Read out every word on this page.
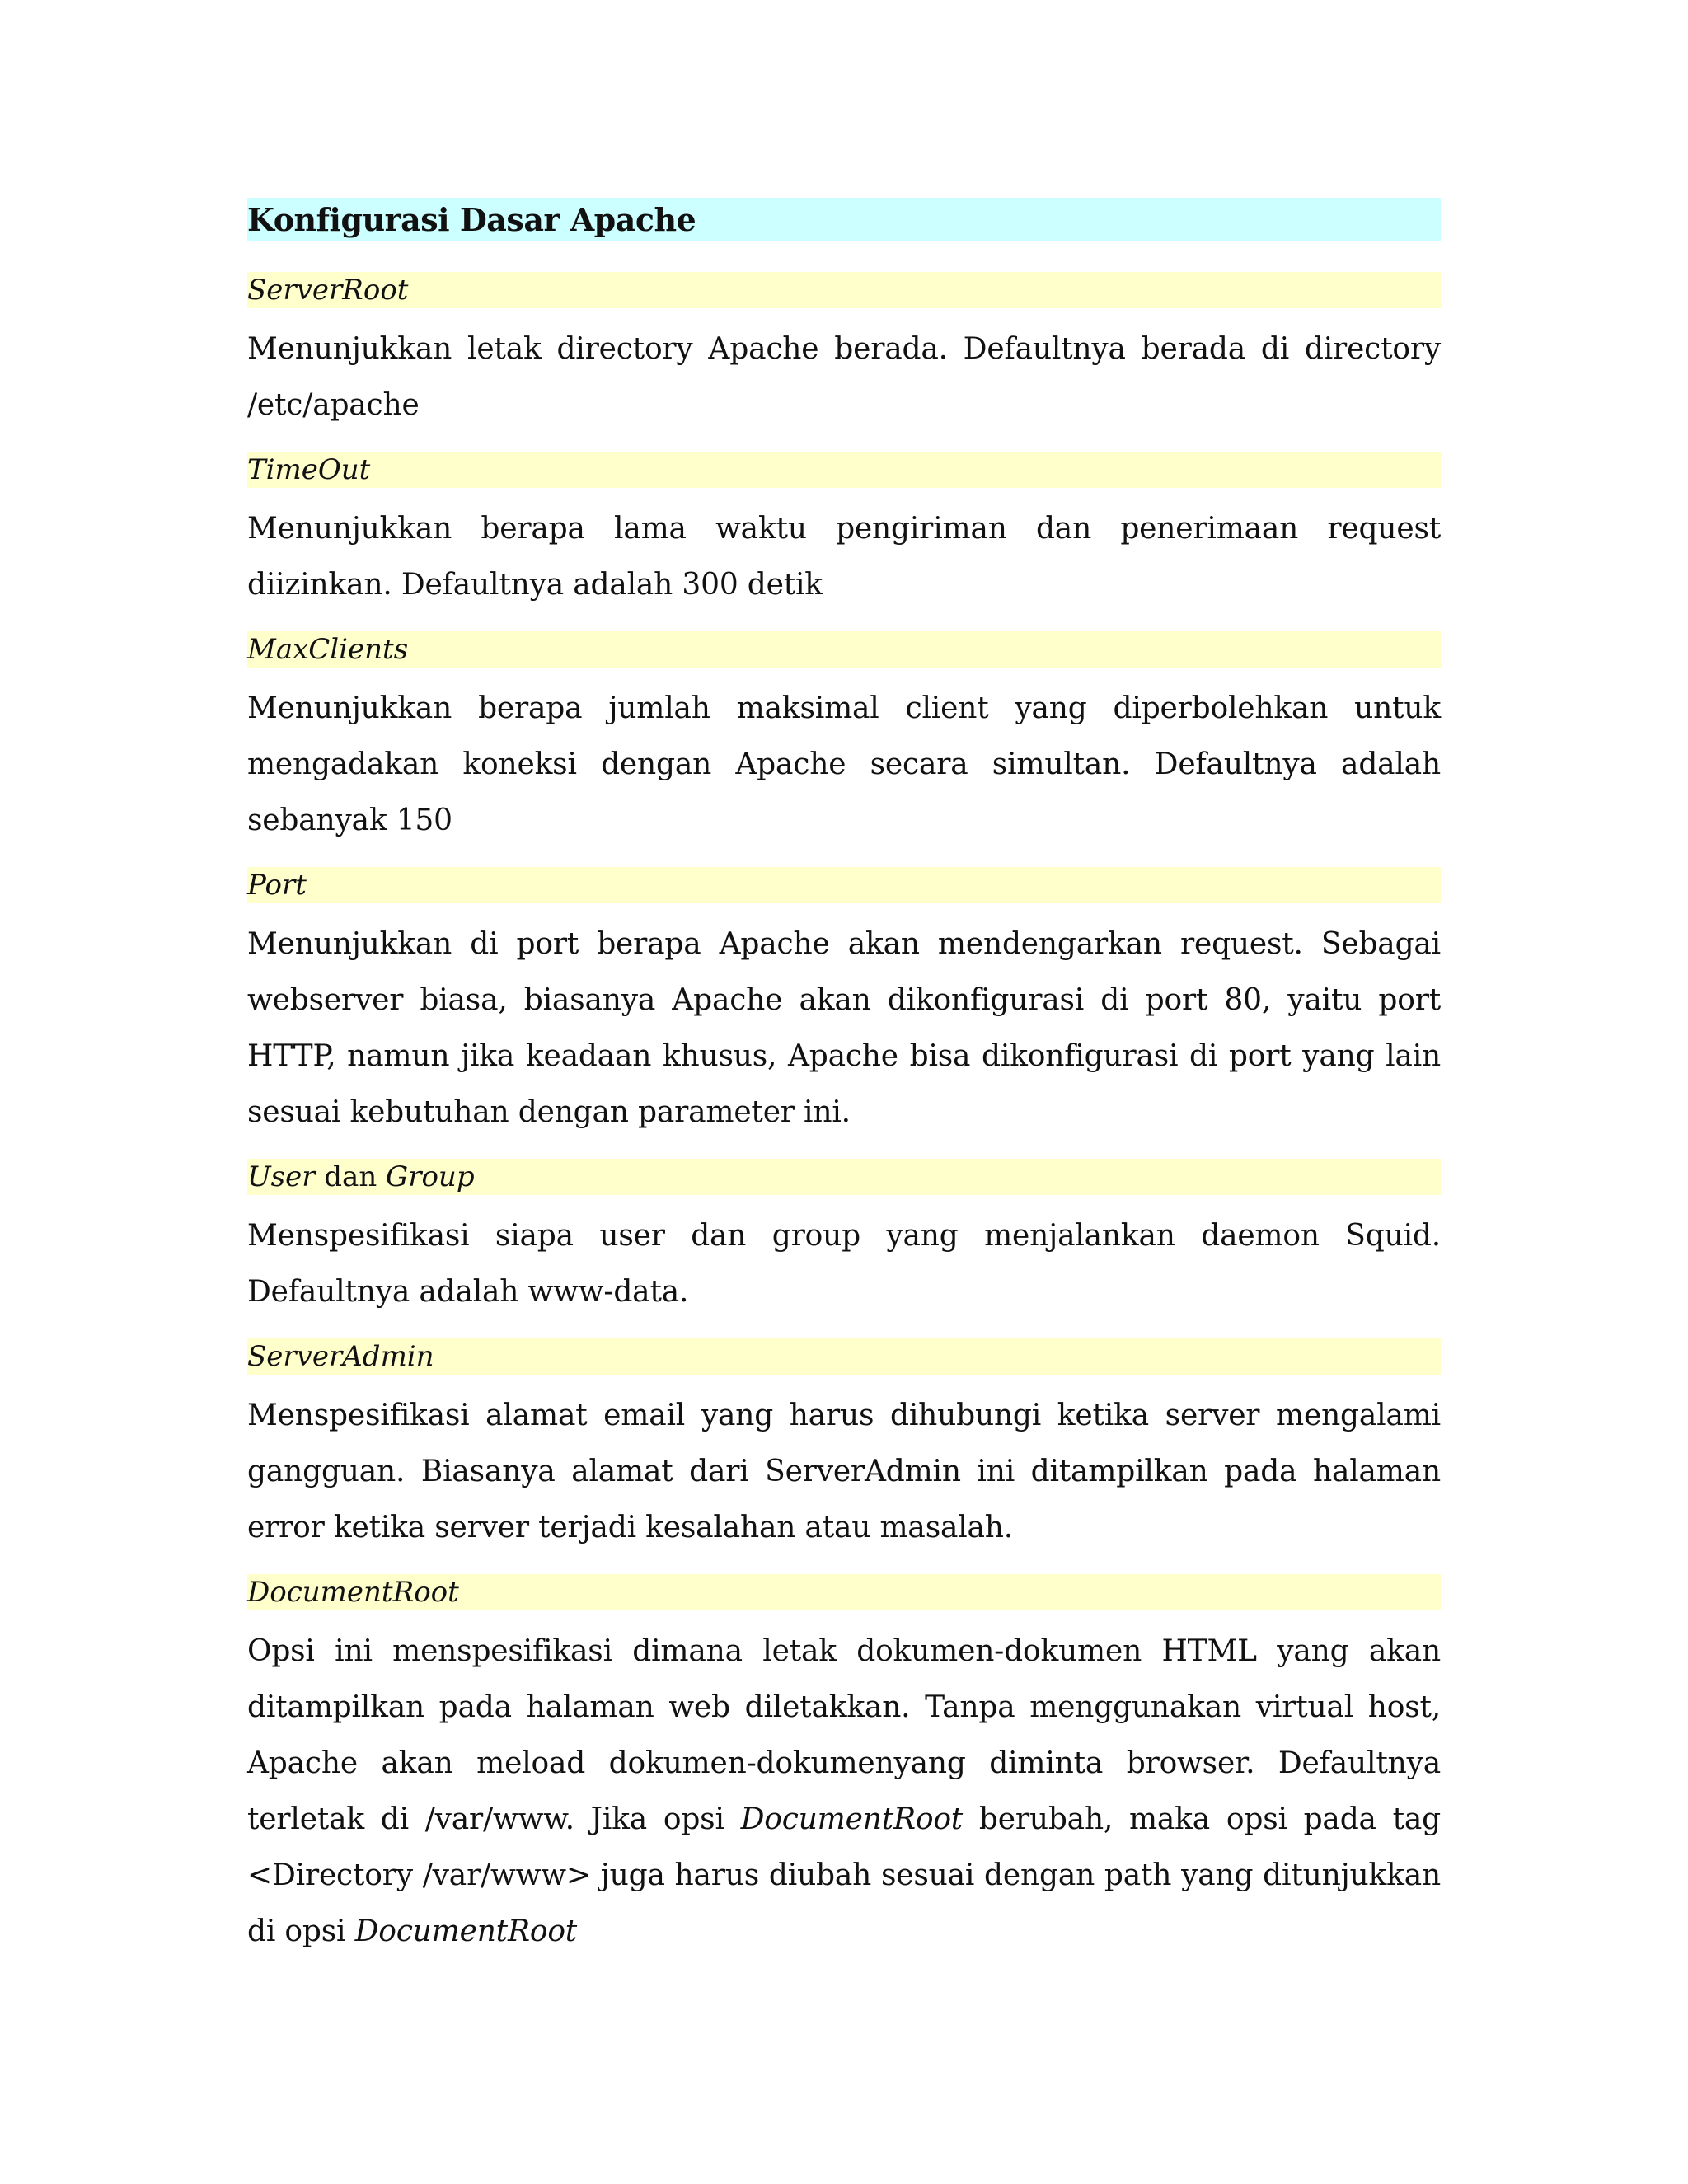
Konfigurasi Dasar Apache
ServerRoot

Menunjukkan letak directory Apache berada. Defaultnya berada di directory /etc/apache

TimeOut

Menunjukkan berapa lama waktu pengiriman dan penerimaan request diizinkan. Defaultnya adalah 300 detik

MaxClients

Menunjukkan berapa jumlah maksimal client yang diperbolehkan untuk mengadakan koneksi dengan Apache secara simultan. Defaultnya adalah sebanyak 150

Port

Menunjukkan di port berapa Apache akan mendengarkan request. Sebagai webserver biasa, biasanya Apache akan dikonfigurasi di port 80, yaitu port HTTP, namun jika keadaan khusus, Apache bisa dikonfigurasi di port yang lain sesuai kebutuhan dengan parameter ini.

User dan Group

Menspesifikasi siapa user dan group yang menjalankan daemon Squid. Defaultnya adalah www-data.

ServerAdmin

Menspesifikasi alamat email yang harus dihubungi ketika server mengalami gangguan. Biasanya alamat dari ServerAdmin ini ditampilkan pada halaman error ketika server terjadi kesalahan atau masalah.

DocumentRoot

Opsi ini menspesifikasi dimana letak dokumen-dokumen HTML yang akan ditampilkan pada halaman web diletakkan. Tanpa menggunakan virtual host, Apache akan meload dokumen-dokumenyang diminta browser. Defaultnya terletak di /var/www. Jika opsi DocumentRoot berubah, maka opsi pada tag <Directory /var/www> juga harus diubah sesuai dengan path yang ditunjukkan di opsi DocumentRoot
